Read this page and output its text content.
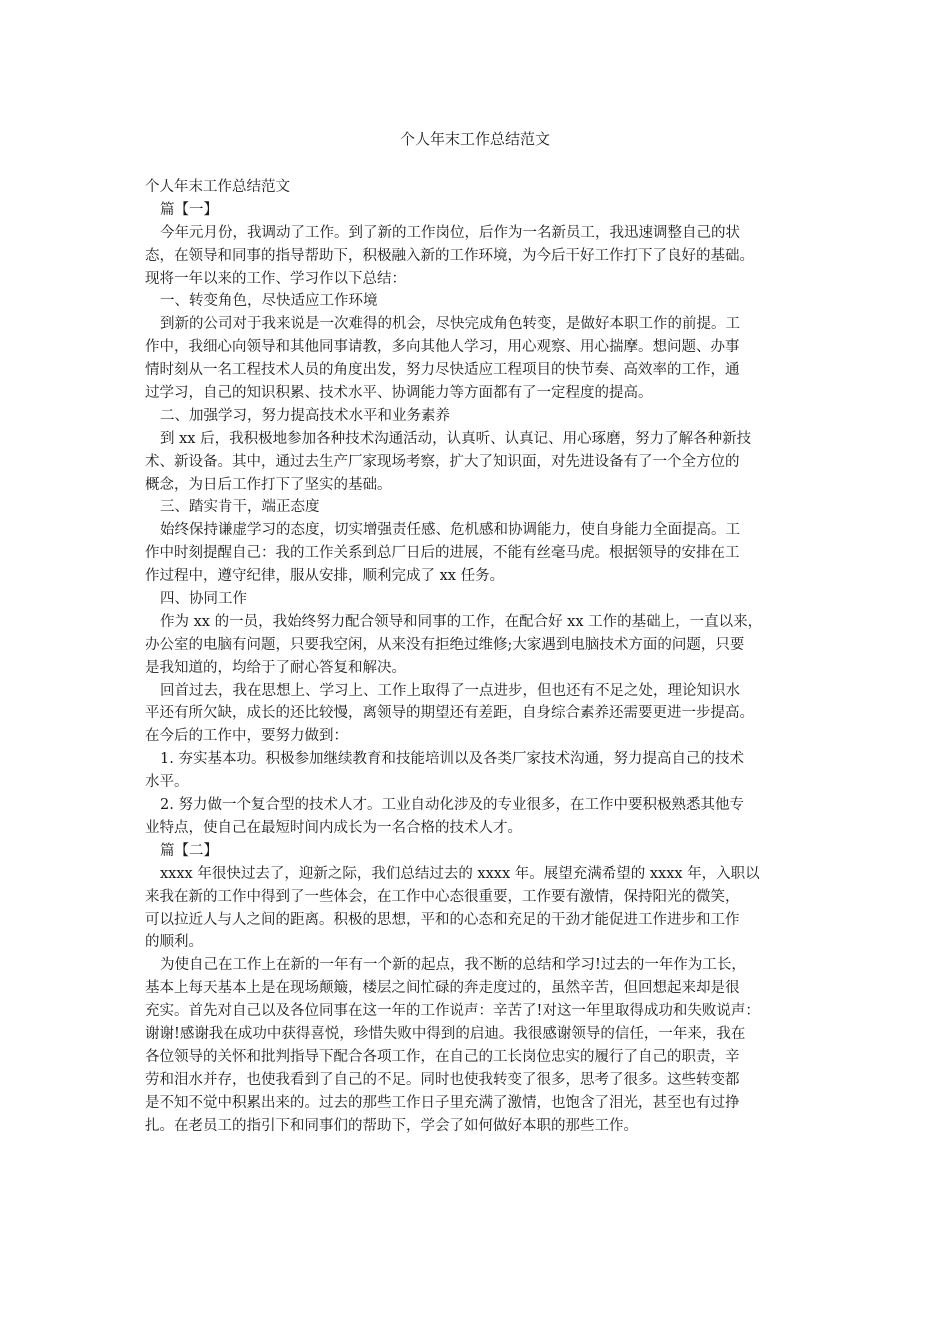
个人年末工作总结范文
个人年末工作总结范文
篇【一】
今年元月份，我调动了工作。到了新的工作岗位，后作为一名新员工，我迅速调整自己的状
态，在领导和同事的指导帮助下，积极融入新的工作环境，为今后干好工作打下了良好的基础。
现将一年以来的工作、学习作以下总结：
一、转变角色，尽快适应工作环境
到新的公司对于我来说是一次难得的机会，尽快完成角色转变，是做好本职工作的前提。工
作中，我细心向领导和其他同事请教，多向其他人学习，用心观察、用心揣摩。想问题、办事
情时刻从一名工程技术人员的角度出发，努力尽快适应工程项目的快节奏、高效率的工作，通
过学习，自己的知识积累、技术水平、协调能力等方面都有了一定程度的提高。
二、加强学习，努力提高技术水平和业务素养
到 xx 后，我积极地参加各种技术沟通活动，认真听、认真记、用心琢磨，努力了解各种新技
术、新设备。其中，通过去生产厂家现场考察，扩大了知识面，对先进设备有了一个全方位的
概念，为日后工作打下了坚实的基础。
三、踏实肯干，端正态度
始终保持谦虚学习的态度，切实增强责任感、危机感和协调能力，使自身能力全面提高。工
作中时刻提醒自己：我的工作关系到总厂日后的进展，不能有丝毫马虎。根据领导的安排在工
作过程中，遵守纪律，服从安排，顺利完成了 xx 任务。
四、协同工作
作为 xx 的一员，我始终努力配合领导和同事的工作，在配合好 xx 工作的基础上，一直以来，
办公室的电脑有问题，只要我空闲，从来没有拒绝过维修;大家遇到电脑技术方面的问题，只要
是我知道的，均给于了耐心答复和解决。
回首过去，我在思想上、学习上、工作上取得了一点进步，但也还有不足之处，理论知识水
平还有所欠缺，成长的还比较慢，离领导的期望还有差距，自身综合素养还需要更进一步提高。
在今后的工作中，要努力做到：
1. 夯实基本功。积极参加继续教育和技能培训以及各类厂家技术沟通，努力提高自己的技术
水平。
2. 努力做一个复合型的技术人才。工业自动化涉及的专业很多，在工作中要积极熟悉其他专
业特点，使自己在最短时间内成长为一名合格的技术人才。
篇【二】
xxxx 年很快过去了，迎新之际，我们总结过去的 xxxx 年。展望充满希望的 xxxx 年，入职以
来我在新的工作中得到了一些体会，在工作中心态很重要，工作要有激情，保持阳光的微笑，
可以拉近人与人之间的距离。积极的思想，平和的心态和充足的干劲才能促进工作进步和工作
的顺利。
为使自己在工作上在新的一年有一个新的起点，我不断的总结和学习!过去的一年作为工长，
基本上每天基本上是在现场颠簸，楼层之间忙碌的奔走度过的，虽然辛苦，但回想起来却是很
充实。首先对自己以及各位同事在这一年的工作说声：辛苦了!对这一年里取得成功和失败说声：
谢谢!感谢我在成功中获得喜悦，珍惜失败中得到的启迪。我很感谢领导的信任，一年来，我在
各位领导的关怀和批判指导下配合各项工作，在自己的工长岗位忠实的履行了自己的职责，辛
劳和泪水并存，也使我看到了自己的不足。同时也使我转变了很多，思考了很多。这些转变都
是不知不觉中积累出来的。过去的那些工作日子里充满了激情，也饱含了泪光，甚至也有过挣
扎。在老员工的指引下和同事们的帮助下，学会了如何做好本职的那些工作。
